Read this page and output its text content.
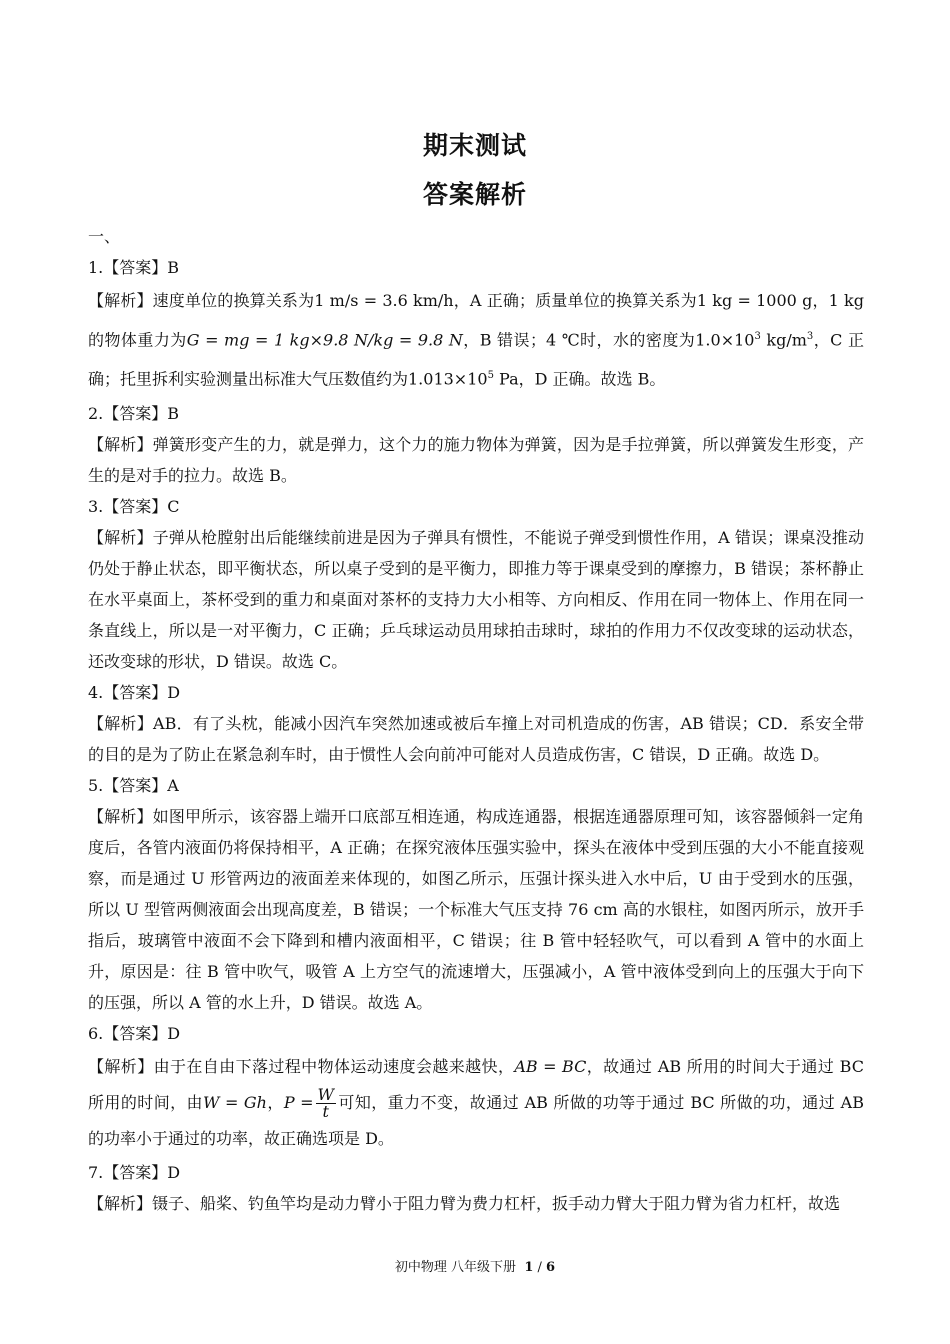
期末测试
答案解析
一、
1.【答案】B
【解析】速度单位的换算关系为1 m/s = 3.6 km/h，A 正确；质量单位的换算关系为1 kg = 1000 g，1 kg的物体重力为G = mg = 1 kg×9.8 N/kg = 9.8 N，B 错误；4 ℃时，水的密度为$1.0\times 10^3$ $kg/m^3$，C 正确；托里拆利实验测量出标准大气压数值约为$1.013\times 10^5$ Pa，D 正确。故选 B。
2.【答案】B
【解析】弹簧形变产生的力，就是弹力，这个力的施力物体为弹簧，因为是手拉弹簧，所以弹簧发生形变，产生的是对手的拉力。故选 B。
3.【答案】C
【解析】子弹从枪膛射出后能继续前进是因为子弹具有惯性，不能说子弹受到惯性作用，A 错误；课桌没推动仍处于静止状态，即平衡状态，所以桌子受到的是平衡力，即推力等于课桌受到的摩擦力，B 错误；茶杯静止在水平桌面上，茶杯受到的重力和桌面对茶杯的支持力大小相等、方向相反、作用在同一物体上、作用在同一条直线上，所以是一对平衡力，C 正确；乒乓球运动员用球拍击球时，球拍的作用力不仅改变球的运动状态，还改变球的形状，D 错误。故选 C。
4.【答案】D
【解析】AB．有了头枕，能减小因汽车突然加速或被后车撞上对司机造成的伤害，AB 错误；CD．系安全带的目的是为了防止在紧急刹车时，由于惯性人会向前冲可能对人员造成伤害，C 错误，D 正确。故选 D。
5.【答案】A
【解析】如图甲所示，该容器上端开口底部互相连通，构成连通器，根据连通器原理可知，该容器倾斜一定角度后，各管内液面仍将保持相平，A 正确；在探究液体压强实验中，探头在液体中受到压强的大小不能直接观察，而是通过 U 形管两边的液面差来体现的，如图乙所示，压强计探头进入水中后，U 由于受到水的压强，所以 U 型管两侧液面会出现高度差，B 错误；一个标准大气压支持 76 cm 高的水银柱，如图丙所示，放开手指后，玻璃管中液面不会下降到和槽内液面相平，C 错误；往 B 管中轻轻吹气，可以看到 A 管中的水面上升，原因是：往 B 管中吹气，吸管 A 上方空气的流速增大，压强减小，A 管中液体受到向上的压强大于向下的压强，所以 A 管的水上升，D 错误。故选 A。
6.【答案】D
【解析】由于在自由下落过程中物体运动速度会越来越快，AB = BC，故通过 AB 所用的时间大于通过 BC 所用的时间，由W = Gh，$P = \frac{W}{t}$ 可知，重力不变，故通过 AB 所做的功等于通过 BC 所做的功，通过 AB 的功率小于通过的功率，故正确选项是 D。
7.【答案】D
【解析】镊子、船桨、钓鱼竿均是动力臂小于阻力臂为费力杠杆，扳手动力臂大于阻力臂为省力杠杆，故选
初中物理 八年级下册 1 / 6
